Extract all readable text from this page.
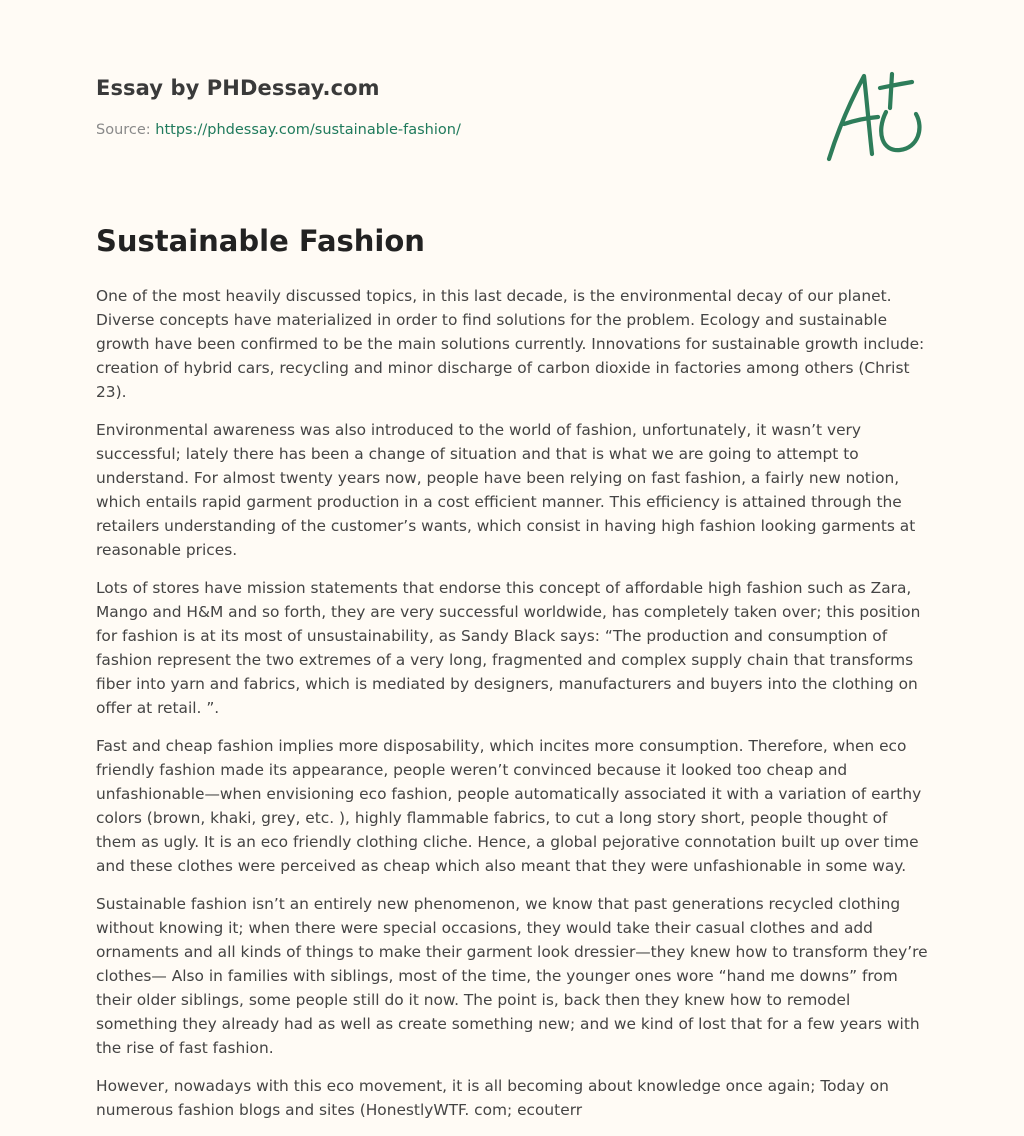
Essay by PHDessay.com

Source: https://phdessay.com/sustainable-fashion/
Sustainable Fashion

One of the most heavily discussed topics, in this last decade, is the environmental decay of our planet. Diverse concepts have materialized in order to find solutions for the problem. Ecology and sustainable growth have been confirmed to be the main solutions currently. Innovations for sustainable growth include: creation of hybrid cars, recycling and minor discharge of carbon dioxide in factories among others (Christ 23).

Environmental awareness was also introduced to the world of fashion, unfortunately, it wasn’t very successful; lately there has been a change of situation and that is what we are going to attempt to understand. For almost twenty years now, people have been relying on fast fashion, a fairly new notion, which entails rapid garment production in a cost efficient manner. This efficiency is attained through the retailers understanding of the customer’s wants, which consist in having high fashion looking garments at reasonable prices.

Lots of stores have mission statements that endorse this concept of affordable high fashion such as Zara, Mango and H&M and so forth, they are very successful worldwide, has completely taken over; this position for fashion is at its most of unsustainability, as Sandy Black says: “The production and consumption of fashion represent the two extremes of a very long, fragmented and complex supply chain that transforms fiber into yarn and fabrics, which is mediated by designers, manufacturers and buyers into the clothing on offer at retail. ”.

Fast and cheap fashion implies more disposability, which incites more consumption. Therefore, when eco friendly fashion made its appearance, people weren’t convinced because it looked too cheap and unfashionable—when envisioning eco fashion, people automatically associated it with a variation of earthy colors (brown, khaki, grey, etc. ), highly flammable fabrics, to cut a long story short, people thought of them as ugly. It is an eco friendly clothing cliche. Hence, a global pejorative connotation built up over time and these clothes were perceived as cheap which also meant that they were unfashionable in some way.

Sustainable fashion isn’t an entirely new phenomenon, we know that past generations recycled clothing without knowing it; when there were special occasions, they would take their casual clothes and add ornaments and all kinds of things to make their garment look dressier—they knew how to transform they’re clothes— Also in families with siblings, most of the time, the younger ones wore “hand me downs” from their older siblings, some people still do it now. The point is, back then they knew how to remodel something they already had as well as create something new; and we kind of lost that for a few years with the rise of fast fashion.

However, nowadays with this eco movement, it is all becoming about knowledge once again; Today on numerous fashion blogs and sites (HonestlyWTF. com; ecouterr
